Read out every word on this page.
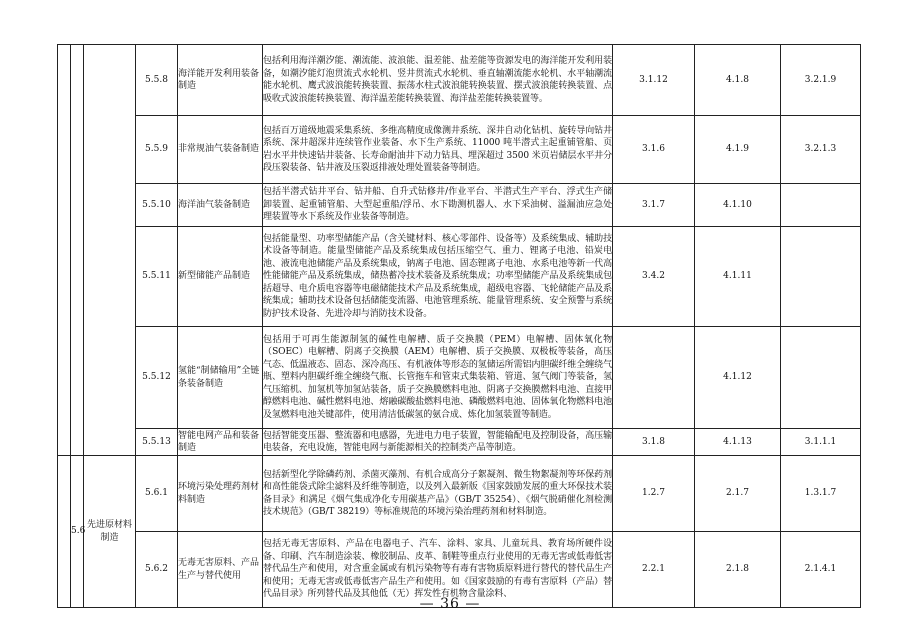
			5.5.8	海洋能开发利用装备制造	包括利用海洋潮汐能、潮流能、波浪能、温差能、盐差能等资源发电的海洋能开发利用装备，如潮汐能灯泡贯流式水轮机、竖井贯流式水轮机、垂直轴潮流能水轮机、水平轴潮流能水轮机、鹰式波浪能转换装置、振荡水柱式波浪能转换装置、摆式波浪能转换装置、点吸收式波浪能转换装置、海洋温差能转换装置、海洋盐差能转换装置等。	3.1.12	4.1.8	3.2.1.9
			5.5.9	非常规油气装备制造	包括百万道级地震采集系统、多维高精度成像测井系统、深井自动化钻机、旋转导向钻井系统、深井超深井连续管作业装备、水下生产系统、11000 吨半潜式主起重铺管船、页岩水平井快速钻井装备、长寿命耐油井下动力钻具、埋深超过 3500 米页岩储层水平井分段压裂装备、钻井液及压裂返排液处理处置装备等制造。	3.1.6	4.1.9	3.2.1.3
			5.5.10	海洋油气装备制造	包括半潜式钻井平台、钻井船、自升式钻修井/作业平台、半潜式生产平台、浮式生产储卸装置、起重铺管船、大型起重船/浮吊、水下勘测机器人、水下采油树、溢漏油应急处理装置等水下系统及作业装备等制造。	3.1.7	4.1.10	
			5.5.11	新型储能产品制造	包括能量型、功率型储能产品（含关键材料、核心零部件、设备等）及系统集成、辅助技术设备等制造。能量型储能产品及系统集成包括压缩空气、重力、锂离子电池、铅炭电池、液流电池储能产品及系统集成，钠离子电池、固态锂离子电池、水系电池等新一代高性能储能产品及系统集成，储热蓄冷技术装备及系统集成；功率型储能产品及系统集成包括超导、电介质电容器等电磁储能技术产品及系统集成，超级电容器、飞轮储能产品及系统集成；辅助技术设备包括储能变流器、电池管理系统、能量管理系统、安全预警与系统防护技术设备、先进冷却与消防技术设备。	3.4.2	4.1.11	
			5.5.12	氢能“制储输用”全链条装备制造	包括用于可再生能源制氢的碱性电解槽、质子交换膜（PEM）电解槽、固体氧化物（SOEC）电解槽、阴离子交换膜（AEM）电解槽、质子交换膜、双极板等装备，高压气态、低温液态、固态、深冷高压、有机液体等形态的氢储运所需铝内胆碳纤维全缠绕气瓶、塑料内胆碳纤维全缠绕气瓶、长管拖车和管束式集装箱、管道、氢气阀门等装备，氢气压缩机、加氢机等加氢站装备，质子交换膜燃料电池、阴离子交换膜燃料电池、直接甲醇燃料电池、碱性燃料电池、熔融碳酸盐燃料电池、磷酸燃料电池、固体氧化物燃料电池及氢燃料电池关键部件，使用清洁低碳氢的氨合成、炼化加氢装置等制造。		4.1.12	
			5.5.13	智能电网产品和装备制造	包括智能变压器、整流器和电感器，先进电力电子装置，智能输配电及控制设备，高压输电装备，充电设施，智能电网与新能源相关的控制类产品等制造。	3.1.8	4.1.13	3.1.1.1
	5.6	先进原材料制造	5.6.1	环境污染处理药剂材料制造	包括新型化学除磷药剂、杀菌灭藻剂、有机合成高分子絮凝剂、微生物絮凝剂等环保药剂和高性能袋式除尘滤料及纤维等制造，以及列入最新版《国家鼓励发展的重大环保技术装备目录》和满足《烟气集成净化专用碳基产品》（GB/T 35254）、《烟气脱硝催化剂检测技术规范》（GB/T 38219）等标准规范的环境污染治理药剂和材料制造。	1.2.7	2.1.7	1.3.1.7
			5.6.2	无毒无害原料、产品生产与替代使用	包括无毒无害原料、产品在电器电子、汽车、涂料、家具、儿童玩具、教育场所硬件设备、印刷、汽车制造涂装、橡胶制品、皮革、制鞋等重点行业使用的无毒无害或低毒低害替代品生产和使用，对含重金属或有机污染物等有毒有害物质原料进行替代的替代品生产和使用；无毒无害或低毒低害产品生产和使用。如《国家鼓励的有毒有害原料（产品）替代品目录》所列替代品及其他低（无）挥发性有机物含量涂料、	2.2.1	2.1.8	2.1.4.1
— 36 —
